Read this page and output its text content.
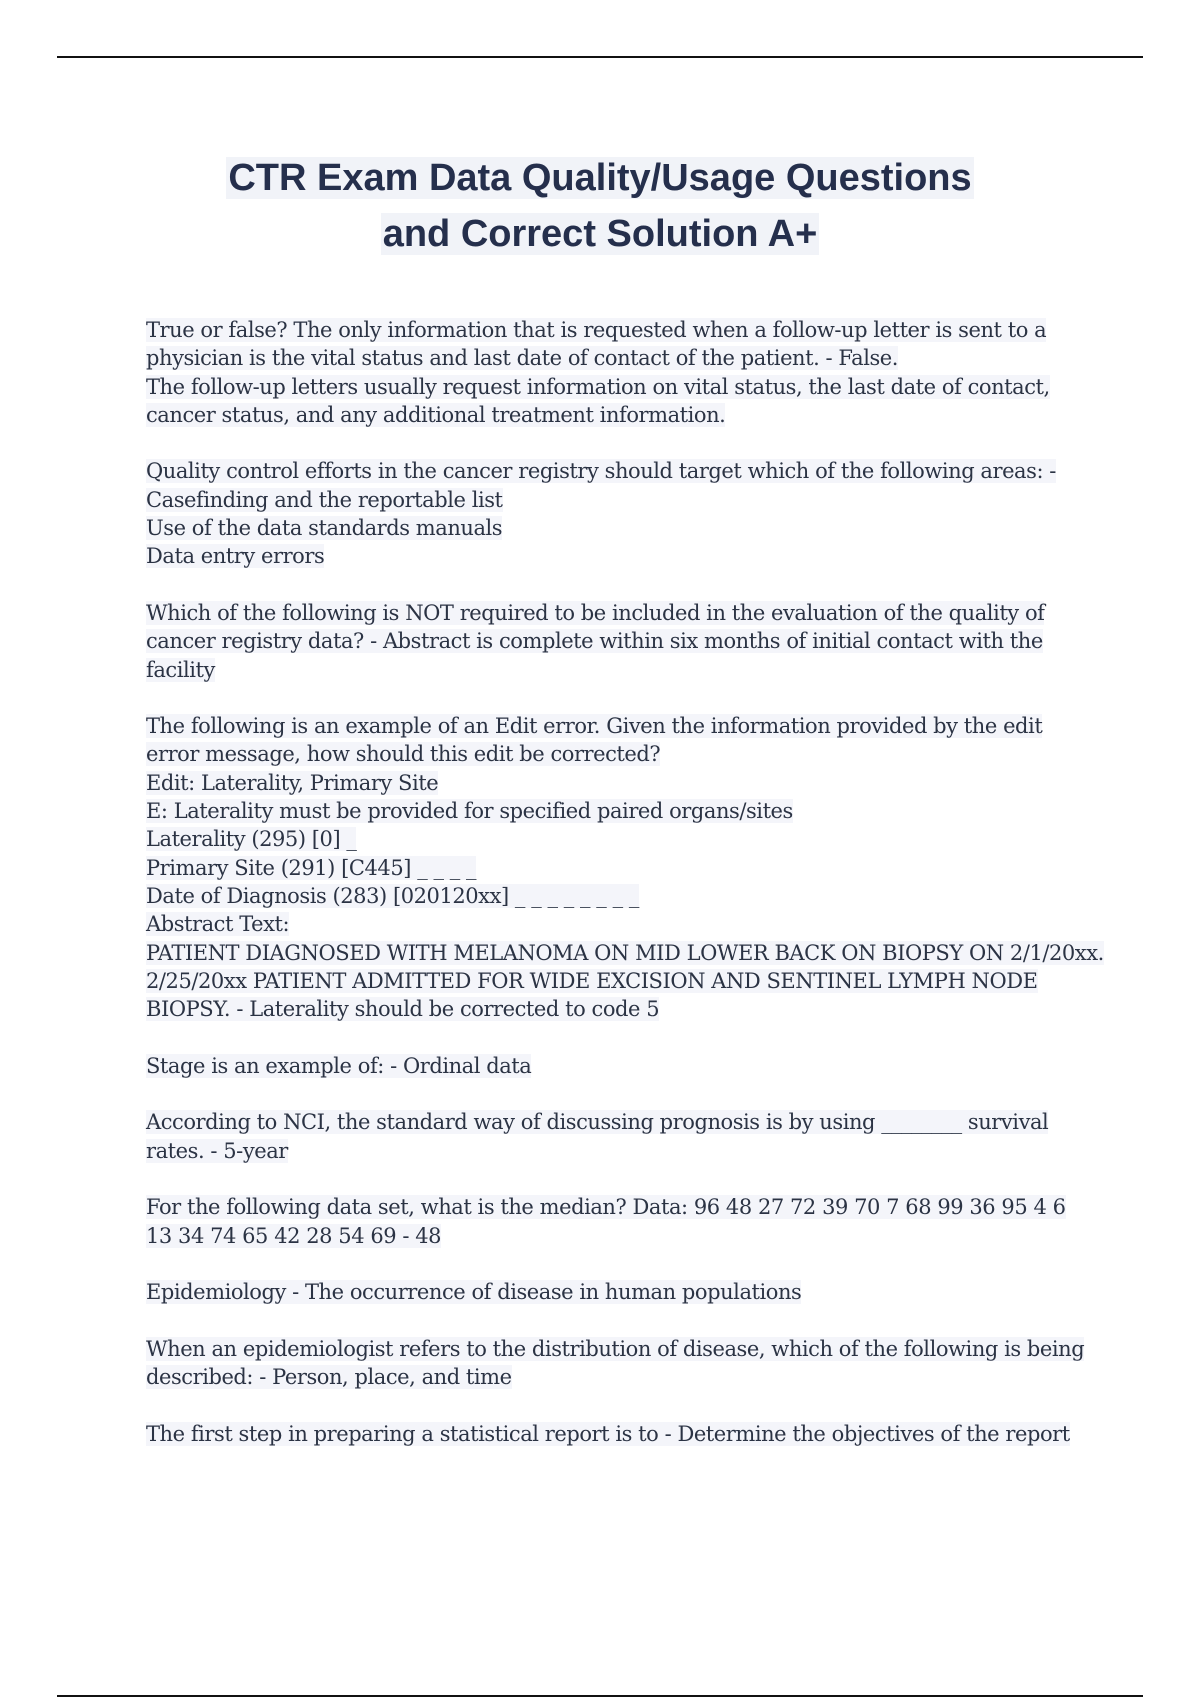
CTR Exam Data Quality/Usage Questions
and Correct Solution A+
True or false? The only information that is requested when a follow-up letter is sent to a
physician is the vital status and last date of contact of the patient. - False.
The follow-up letters usually request information on vital status, the last date of contact,
cancer status, and any additional treatment information.
Quality control efforts in the cancer registry should target which of the following areas: -
Casefinding and the reportable list
Use of the data standards manuals
Data entry errors
Which of the following is NOT required to be included in the evaluation of the quality of
cancer registry data? - Abstract is complete within six months of initial contact with the
facility
The following is an example of an Edit error. Given the information provided by the edit
error message, how should this edit be corrected?
Edit: Laterality, Primary Site
E: Laterality must be provided for specified paired organs/sites
Laterality (295) [0] _
Primary Site (291) [C445] _ _ _ _
Date of Diagnosis (283) [020120xx] _ _ _ _ _ _ _ _
Abstract Text:
PATIENT DIAGNOSED WITH MELANOMA ON MID LOWER BACK ON BIOPSY ON 2/1/20xx.
2/25/20xx PATIENT ADMITTED FOR WIDE EXCISION AND SENTINEL LYMPH NODE
BIOPSY. - Laterality should be corrected to code 5
Stage is an example of: - Ordinal data
According to NCI, the standard way of discussing prognosis is by using ________ survival
rates. - 5-year
For the following data set, what is the median? Data: 96 48 27 72 39 70 7 68 99 36 95 4 6
13 34 74 65 42 28 54 69 - 48
Epidemiology - The occurrence of disease in human populations
When an epidemiologist refers to the distribution of disease, which of the following is being
described: - Person, place, and time
The first step in preparing a statistical report is to - Determine the objectives of the report
